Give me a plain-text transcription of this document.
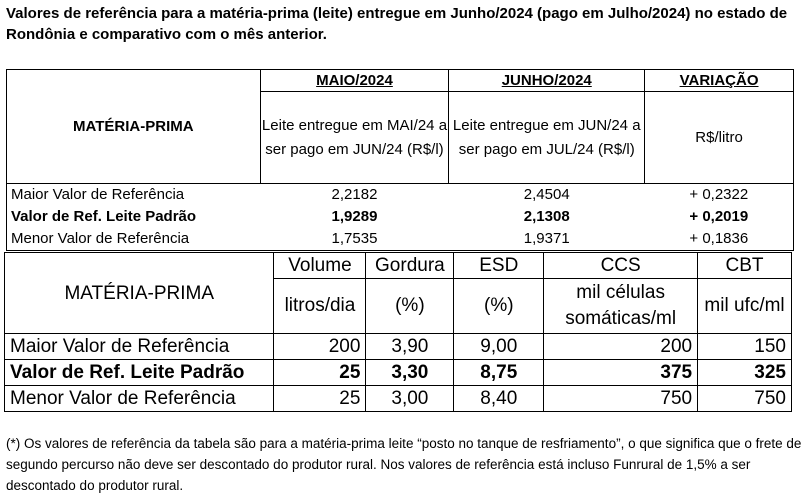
Valores de referência para a matéria-prima (leite) entregue em Junho/2024 (pago em Julho/2024) no estado de Rondônia e comparativo com o mês anterior.
MATÉRIA-PRIMA	MAIO/2024	JUNHO/2024	VARIAÇÃO
	Leite entregue em MAI/24 a ser pago em JUN/24 (R$/l)	Leite entregue em JUN/24 a ser pago em JUL/24 (R$/l)	R$/litro
Maior Valor de Referência	2,2182	2,4504	+ 0,2322
Valor de Ref. Leite Padrão	1,9289	2,1308	+ 0,2019
Menor Valor de Referência	1,7535	1,9371	+ 0,1836
MATÉRIA-PRIMA	Volume	Gordura	ESD	CCS	CBT
	litros/dia	(%)	(%)	mil células somáticas/ml	mil ufc/ml
Maior Valor de Referência	200	3,90	9,00	200	150
Valor de Ref. Leite Padrão	25	3,30	8,75	375	325
Menor Valor de Referência	25	3,00	8,40	750	750
(*) Os valores de referência da tabela são para a matéria-prima leite “posto no tanque de resfriamento”, o que significa que o frete de segundo percurso não deve ser descontado do produtor rural. Nos valores de referência está incluso Funrural de 1,5% a ser descontado do produtor rural.
